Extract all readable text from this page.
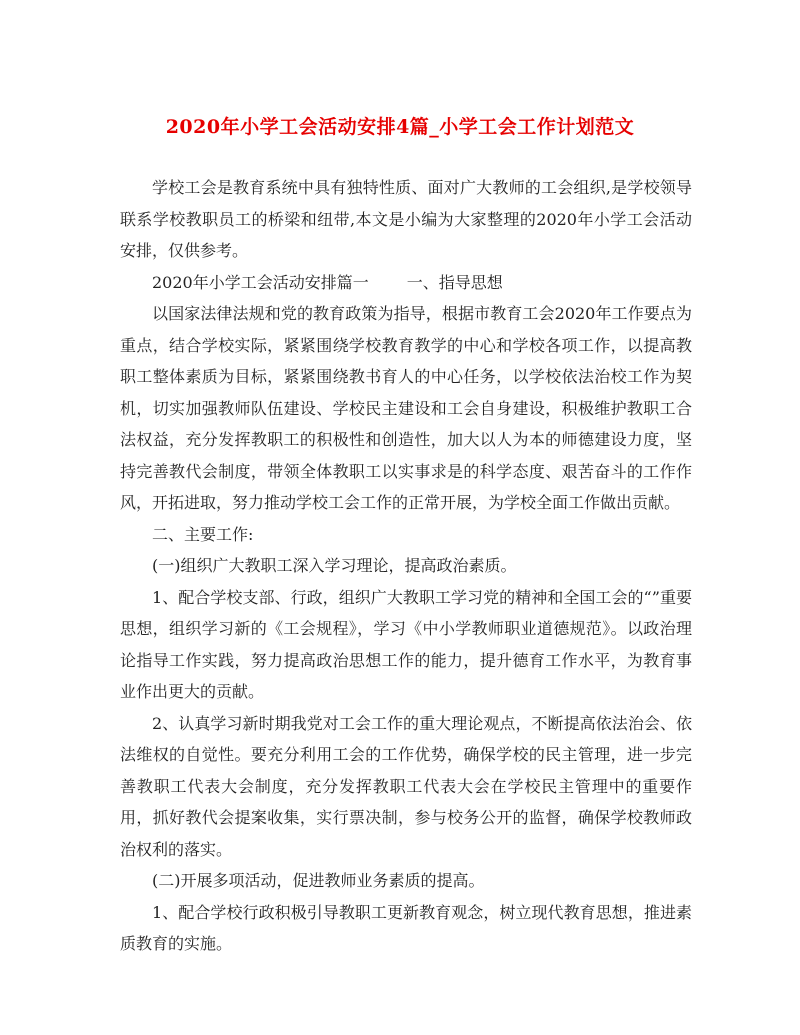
2020年小学工会活动安排4篇_小学工会工作计划范文

学校工会是教育系统中具有独特性质、面对广大教师的工会组织,是学校领导联系学校教职员工的桥梁和纽带,本文是小编为大家整理的2020年小学工会活动安排，仅供参考。

2020年小学工会活动安排篇一 一、指导思想

以国家法律法规和党的教育政策为指导，根据市教育工会2020年工作要点为重点，结合学校实际，紧紧围绕学校教育教学的中心和学校各项工作，以提高教职工整体素质为目标，紧紧围绕教书育人的中心任务，以学校依法治校工作为契机，切实加强教师队伍建设、学校民主建设和工会自身建设，积极维护教职工合法权益，充分发挥教职工的积极性和创造性，加大以人为本的师德建设力度，坚持完善教代会制度，带领全体教职工以实事求是的科学态度、艰苦奋斗的工作作风，开拓进取，努力推动学校工会工作的正常开展，为学校全面工作做出贡献。

二、主要工作:

(一)组织广大教职工深入学习理论，提高政治素质。

1、配合学校支部、行政，组织广大教职工学习党的精神和全国工会的“”重要思想，组织学习新的《工会规程》，学习《中小学教师职业道德规范》。以政治理论指导工作实践，努力提高政治思想工作的能力，提升德育工作水平，为教育事业作出更大的贡献。

2、认真学习新时期我党对工会工作的重大理论观点，不断提高依法治会、依法维权的自觉性。要充分利用工会的工作优势，确保学校的民主管理，进一步完善教职工代表大会制度，充分发挥教职工代表大会在学校民主管理中的重要作用，抓好教代会提案收集，实行票决制，参与校务公开的监督，确保学校教师政治权利的落实。

(二)开展多项活动，促进教师业务素质的提高。

1、配合学校行政积极引导教职工更新教育观念，树立现代教育思想，推进素质教育的实施。
